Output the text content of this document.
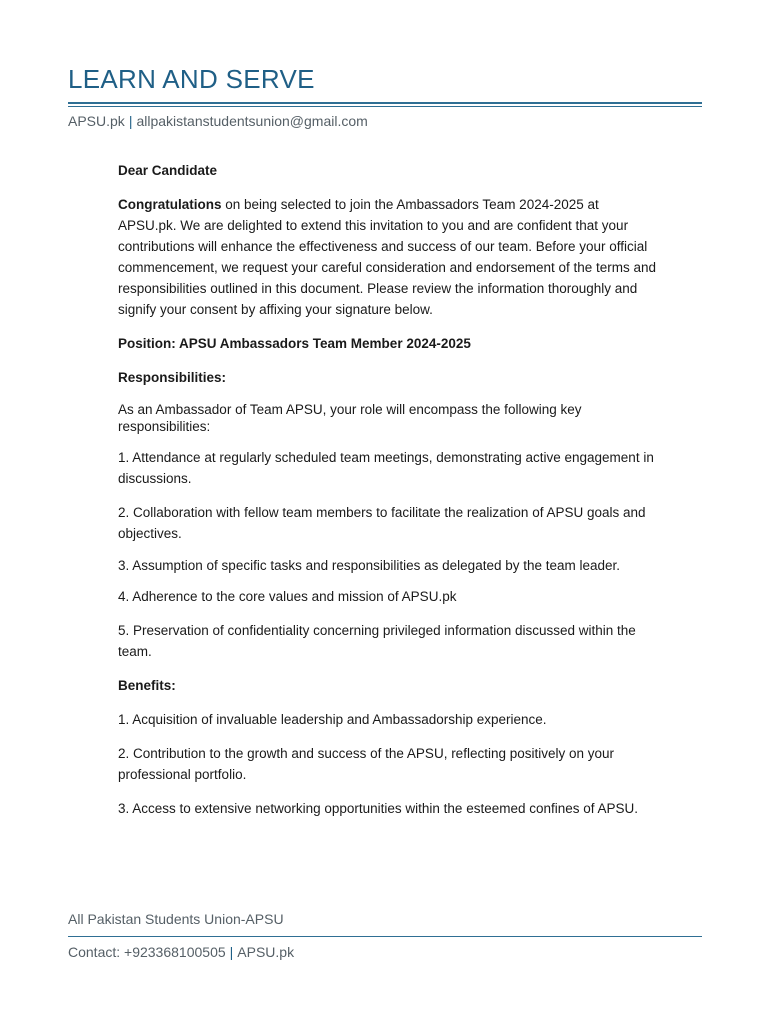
LEARN AND SERVE
APSU.pk | allpakistanstudentsunion@gmail.com

Dear Candidate

Congratulations on being selected to join the Ambassadors Team 2024-2025 at APSU.pk. We are delighted to extend this invitation to you and are confident that your contributions will enhance the effectiveness and success of our team. Before your official commencement, we request your careful consideration and endorsement of the terms and responsibilities outlined in this document. Please review the information thoroughly and signify your consent by affixing your signature below.

Position: APSU Ambassadors Team Member 2024-2025

Responsibilities:

As an Ambassador of Team APSU, your role will encompass the following key responsibilities:

1. Attendance at regularly scheduled team meetings, demonstrating active engagement in discussions.

2. Collaboration with fellow team members to facilitate the realization of APSU goals and objectives.

3. Assumption of specific tasks and responsibilities as delegated by the team leader.

4. Adherence to the core values and mission of APSU.pk

5. Preservation of confidentiality concerning privileged information discussed within the team.

Benefits:

1. Acquisition of invaluable leadership and Ambassadorship experience.

2. Contribution to the growth and success of the APSU, reflecting positively on your professional portfolio.

3. Access to extensive networking opportunities within the esteemed confines of APSU.

All Pakistan Students Union-APSU
Contact: +923368100505 | APSU.pk
